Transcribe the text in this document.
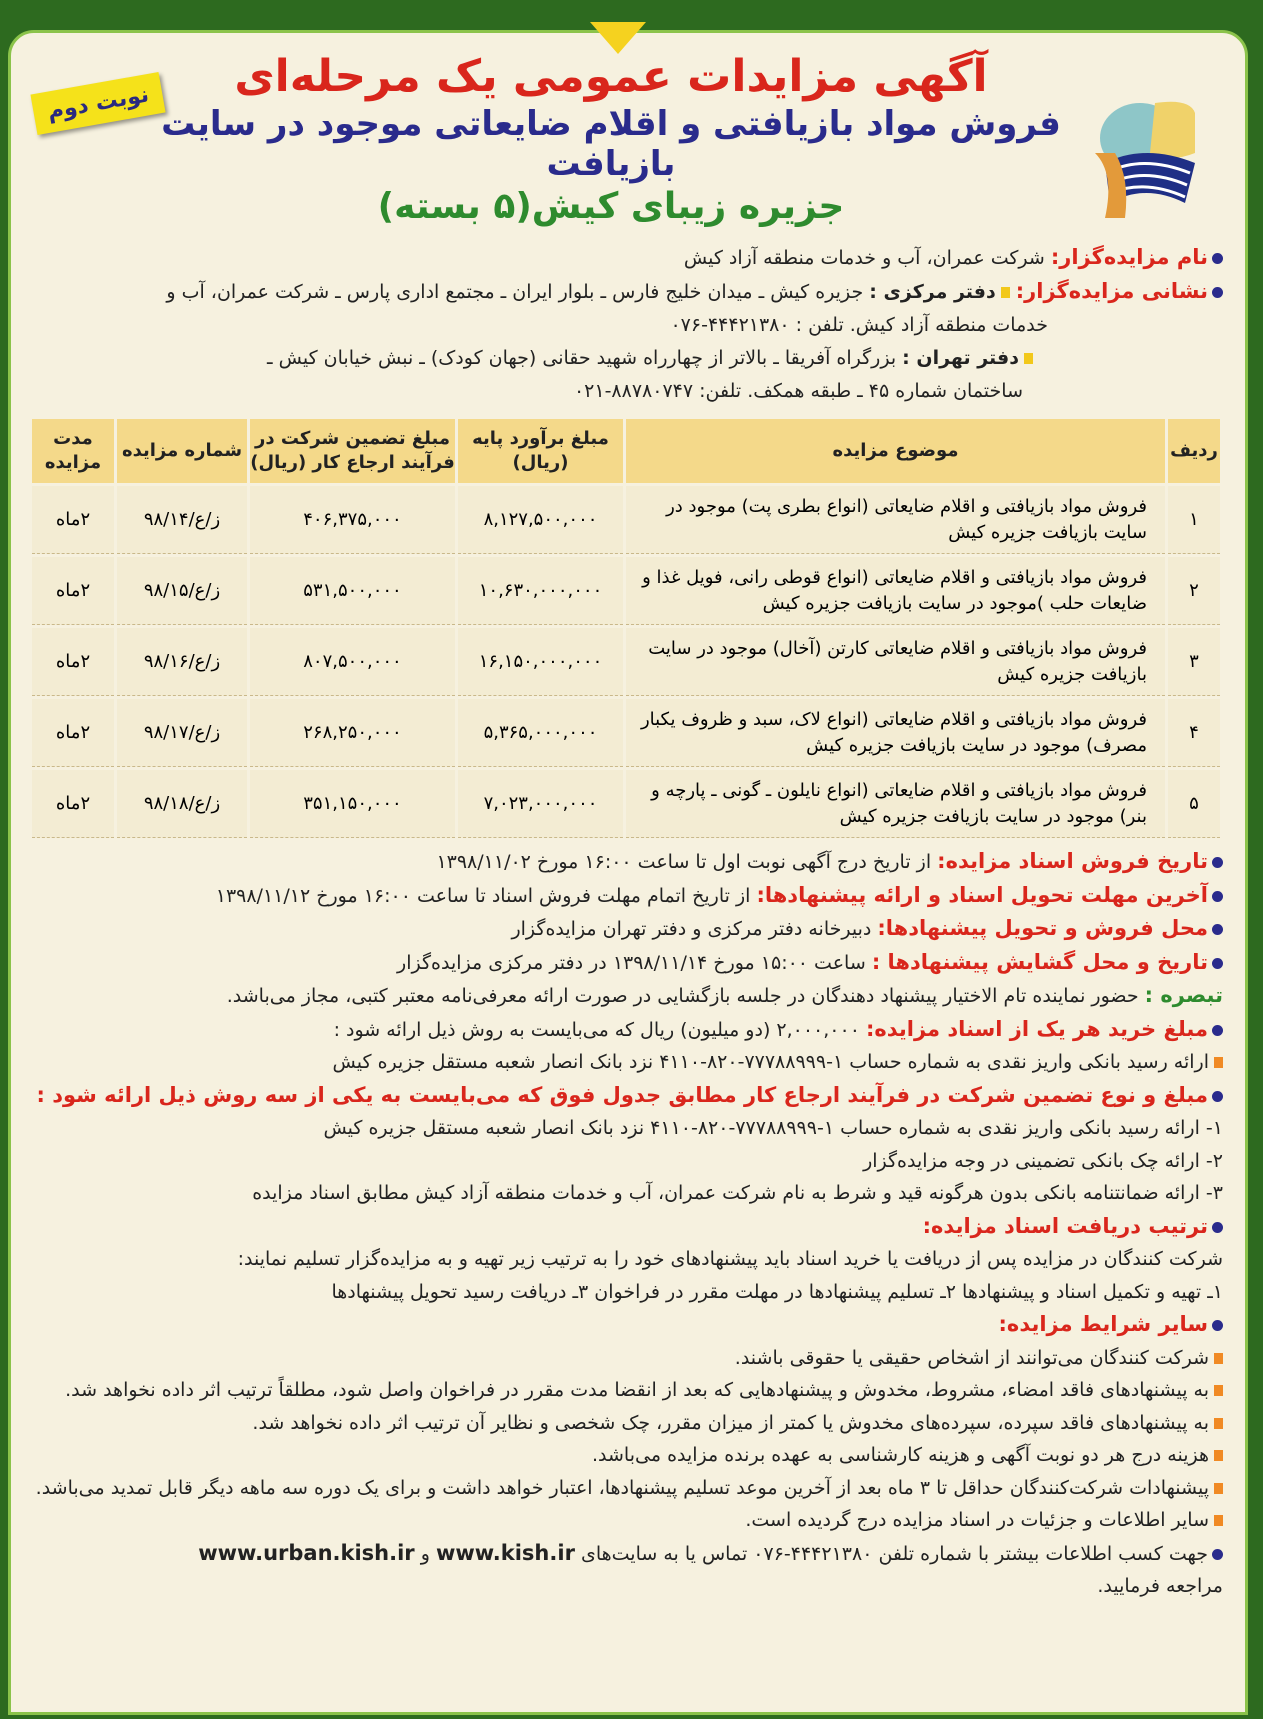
نوبت دوم
آگهی مزایدات عمومی یک مرحله‌ای
فروش مواد بازیافتی و اقلام ضایعاتی موجود در سایت بازیافت
جزیره زیبای کیش(۵ بسته)
نام مزایده‌گزار: شرکت عمران، آب و خدمات منطقه آزاد کیش
نشانی مزایده‌گزار: دفتر مرکزی : جزیره کیش ـ میدان خلیج فارس ـ بلوار ایران ـ مجتمع اداری پارس ـ شرکت عمران، آب و
خدمات منطقه آزاد کیش. تلفن : ۴۴۴۲۱۳۸۰-۰۷۶
دفتر تهران : بزرگراه آفریقا ـ بالاتر از چهارراه شهید حقانی (جهان کودک) ـ نبش خیابان کیش ـ
ساختمان شماره ۴۵ ـ طبقه همکف. تلفن: ۸۸۷۸۰۷۴۷-۰۲۱
ردیف	موضوع مزایده	مبلغ برآورد پایه (ریال)	مبلغ تضمین شرکت در فرآیند ارجاع کار (ریال)	شماره مزایده	مدت مزایده
۱	فروش مواد بازیافتی و اقلام ضایعاتی (انواع بطری پت) موجود در سایت بازیافت جزیره کیش	۸,۱۲۷,۵۰۰,۰۰۰	۴۰۶,۳۷۵,۰۰۰	ز/ع/۹۸/۱۴	۲ماه
۲	فروش مواد بازیافتی و اقلام ضایعاتی (انواع قوطی رانی، فویل غذا و ضایعات حلب )موجود در سایت بازیافت جزیره کیش	۱۰,۶۳۰,۰۰۰,۰۰۰	۵۳۱,۵۰۰,۰۰۰	ز/ع/۹۸/۱۵	۲ماه
۳	فروش مواد بازیافتی و اقلام ضایعاتی کارتن (آخال) موجود در سایت بازیافت جزیره کیش	۱۶,۱۵۰,۰۰۰,۰۰۰	۸۰۷,۵۰۰,۰۰۰	ز/ع/۹۸/۱۶	۲ماه
۴	فروش مواد بازیافتی و اقلام ضایعاتی (انواع لاک، سبد و ظروف یکبار مصرف) موجود در سایت بازیافت جزیره کیش	۵,۳۶۵,۰۰۰,۰۰۰	۲۶۸,۲۵۰,۰۰۰	ز/ع/۹۸/۱۷	۲ماه
۵	فروش مواد بازیافتی و اقلام ضایعاتی (انواع نایلون ـ گونی ـ پارچه و بنر) موجود در سایت بازیافت جزیره کیش	۷,۰۲۳,۰۰۰,۰۰۰	۳۵۱,۱۵۰,۰۰۰	ز/ع/۹۸/۱۸	۲ماه
تاریخ فروش اسناد مزایده: از تاریخ درج آگهی نوبت اول تا ساعت ۱۶:۰۰ مورخ ۱۳۹۸/۱۱/۰۲
آخرین مهلت تحویل اسناد و ارائه پیشنهادها: از تاریخ اتمام مهلت فروش اسناد تا ساعت ۱۶:۰۰ مورخ ۱۳۹۸/۱۱/۱۲
محل فروش و تحویل پیشنهادها: دبیرخانه دفتر مرکزی و دفتر تهران مزایده‌گزار
تاریخ و محل گشایش پیشنهادها : ساعت ۱۵:۰۰ مورخ ۱۳۹۸/۱۱/۱۴ در دفتر مرکزی مزایده‌گزار
تبصره : حضور نماینده تام الاختیار پیشنهاد دهندگان در جلسه بازگشایی در صورت ارائه معرفی‌نامه معتبر کتبی، مجاز می‌باشد.
مبلغ خرید هر یک از اسناد مزایده: ۲,۰۰۰,۰۰۰ (دو میلیون) ریال که می‌بایست به روش ذیل ارائه شود :
ارائه رسید بانکی واریز نقدی به شماره حساب ۱-۷۷۷۸۸۹۹۹-۸۲۰-۴۱۱۰ نزد بانک انصار شعبه مستقل جزیره کیش
مبلغ و نوع تضمین شرکت در فرآیند ارجاع کار مطابق جدول فوق که می‌بایست به یکی از سه روش ذیل ارائه شود :
۱- ارائه رسید بانکی واریز نقدی به شماره حساب ۱-۷۷۷۸۸۹۹۹-۸۲۰-۴۱۱۰ نزد بانک انصار شعبه مستقل جزیره کیش
۲- ارائه چک بانکی تضمینی در وجه مزایده‌گزار
۳- ارائه ضمانتنامه بانکی بدون هرگونه قید و شرط به نام شرکت عمران، آب و خدمات منطقه آزاد کیش مطابق اسناد مزایده
ترتیب دریافت اسناد مزایده:
شرکت کنندگان در مزایده پس از دریافت یا خرید اسناد باید پیشنهادهای خود را به ترتیب زیر تهیه و به مزایده‌گزار تسلیم نمایند:
۱ـ تهیه و تکمیل اسناد و پیشنهادها ۲ـ تسلیم پیشنهادها در مهلت مقرر در فراخوان ۳ـ دریافت رسید تحویل پیشنهادها
سایر شرایط مزایده:
شرکت کنندگان می‌توانند از اشخاص حقیقی یا حقوقی باشند.
به پیشنهادهای فاقد امضاء، مشروط، مخدوش و پیشنهادهایی که بعد از انقضا مدت مقرر در فراخوان واصل شود، مطلقاً ترتیب اثر داده نخواهد شد.
به پیشنهادهای فاقد سپرده، سپرده‌های مخدوش یا کمتر از میزان مقرر، چک شخصی و نظایر آن ترتیب اثر داده نخواهد شد.
هزینه درج هر دو نوبت آگهی و هزینه کارشناسی به عهده برنده مزایده می‌باشد.
پیشنهادات شرکت‌کنندگان حداقل تا ۳ ماه بعد از آخرین موعد تسلیم پیشنهادها، اعتبار خواهد داشت و برای یک دوره سه ماهه دیگر قابل تمدید می‌باشد.
سایر اطلاعات و جزئیات در اسناد مزایده درج گردیده است.
جهت کسب اطلاعات بیشتر با شماره تلفن ۴۴۴۲۱۳۸۰-۰۷۶ تماس یا به سایت‌های www.kish.ir و www.urban.kish.ir
مراجعه فرمایید.
